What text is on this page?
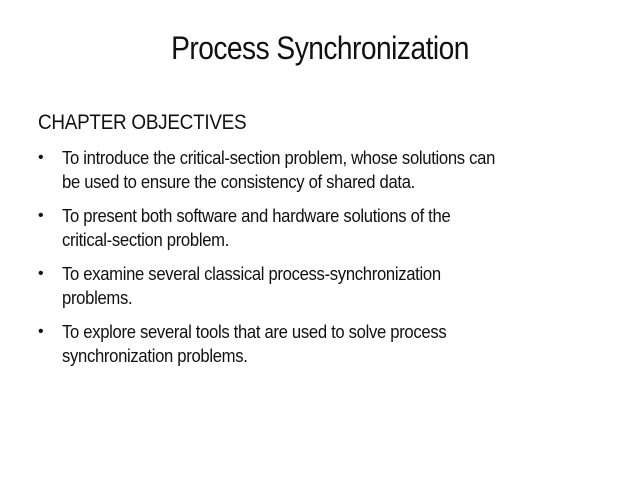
Process Synchronization
CHAPTER OBJECTIVES
• To introduce the critical-section problem, whose solutions can
be used to ensure the consistency of shared data.
• To present both software and hardware solutions of the
critical-section problem.
• To examine several classical process-synchronization
problems.
• To explore several tools that are used to solve process
synchronization problems.
